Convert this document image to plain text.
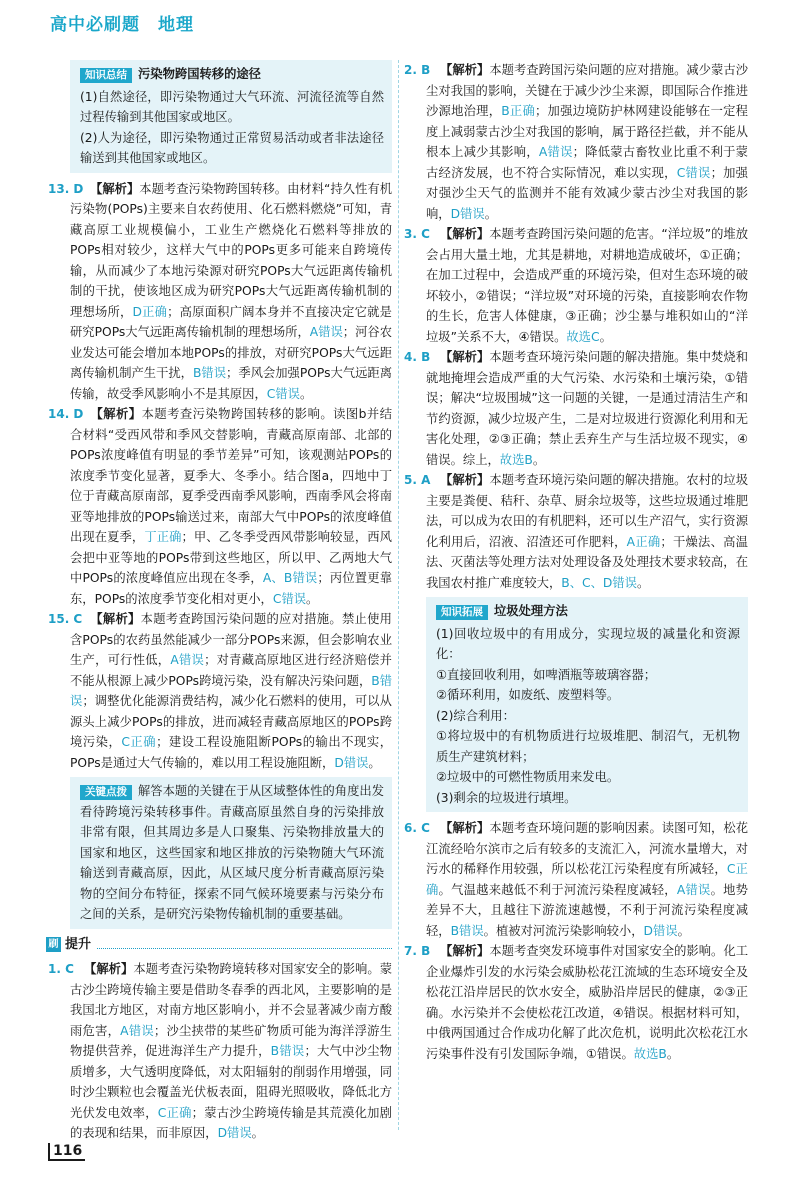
高中必刷题　地理
知识总结 污染物跨国转移的途径

(1)自然途径，即污染物通过大气环流、河流径流等自然过程传输到其他国家或地区。

(2)人为途径，即污染物通过正常贸易活动或者非法途径输送到其他国家或地区。

13. D 【解析】本题考查污染物跨国转移。由材料“持久性有机污染物(POPs)主要来自农药使用、化石燃料燃烧”可知，青藏高原工业规模偏小，工业生产燃烧化石燃料等排放的POPs相对较少，这样大气中的POPs更多可能来自跨境传输，从而减少了本地污染源对研究POPs大气远距离传输机制的干扰，使该地区成为研究POPs大气远距离传输机制的理想场所，D正确；高原面积广阔本身并不直接决定它就是研究POPs大气远距离传输机制的理想场所，A错误；河谷农业发达可能会增加本地POPs的排放，对研究POPs大气远距离传输机制产生干扰，B错误；季风会加强POPs大气远距离传输，故受季风影响小不是其原因，C错误。

14. D 【解析】本题考查污染物跨国转移的影响。读图b并结合材料“受西风带和季风交替影响，青藏高原南部、北部的POPs浓度峰值有明显的季节差异”可知，该观测站POPs的浓度季节变化显著，夏季大、冬季小。结合图a，四地中丁位于青藏高原南部，夏季受西南季风影响，西南季风会将南亚等地排放的POPs输送过来，南部大气中POPs的浓度峰值出现在夏季，丁正确；甲、乙冬季受西风带影响较显，西风会把中亚等地的POPs带到这些地区，所以甲、乙两地大气中POPs的浓度峰值应出现在冬季，A、B错误；丙位置更靠东，POPs的浓度季节变化相对更小，C错误。

15. C 【解析】本题考查跨国污染问题的应对措施。禁止使用含POPs的农药虽然能减少一部分POPs来源，但会影响农业生产，可行性低，A错误；对青藏高原地区进行经济赔偿并不能从根源上减少POPs跨境污染，没有解决污染问题，B错误；调整优化能源消费结构，减少化石燃料的使用，可以从源头上减少POPs的排放，进而减轻青藏高原地区的POPs跨境污染，C正确；建设工程设施阻断POPs的输出不现实，POPs是通过大气传输的，难以用工程设施阻断，D错误。

关键点拨 解答本题的关键在于从区域整体性的角度出发看待跨境污染转移事件。青藏高原虽然自身的污染排放非常有限，但其周边多是人口聚集、污染物排放量大的国家和地区，这些国家和地区排放的污染物随大气环流输送到青藏高原，因此，从区域尺度分析青藏高原污染物的空间分布特征，探索不同气候环境要素与污染分布之间的关系，是研究污染物传输机制的重要基础。
刷 提升

1. C 【解析】本题考查污染物跨境转移对国家安全的影响。蒙古沙尘跨境传输主要是借助冬春季的西北风，主要影响的是我国北方地区，对南方地区影响小，并不会显著减少南方酸雨危害，A错误；沙尘挟带的某些矿物质可能为海洋浮游生物提供营养，促进海洋生产力提升，B错误；大气中沙尘物质增多，大气透明度降低，对太阳辐射的削弱作用增强，同时沙尘颗粒也会覆盖光伏板表面，阻碍光照吸收，降低北方光伏发电效率，C正确；蒙古沙尘跨境传输是其荒漠化加剧的表现和结果，而非原因，D错误。

2. B 【解析】本题考查跨国污染问题的应对措施。减少蒙古沙尘对我国的影响，关键在于减少沙尘来源，即国际合作推进沙源地治理，B正确；加强边境防护林网建设能够在一定程度上减弱蒙古沙尘对我国的影响，属于路径拦截，并不能从根本上减少其影响，A错误；降低蒙古畜牧业比重不利于蒙古经济发展，也不符合实际情况，难以实现，C错误；加强对强沙尘天气的监测并不能有效减少蒙古沙尘对我国的影响，D错误。

3. C 【解析】本题考查跨国污染问题的危害。“洋垃圾”的堆放会占用大量土地，尤其是耕地，对耕地造成破坏，①正确；在加工过程中，会造成严重的环境污染，但对生态环境的破坏较小，②错误；“洋垃圾”对环境的污染，直接影响农作物的生长，危害人体健康，③正确；沙尘暴与堆积如山的“洋垃圾”关系不大，④错误。故选C。

4. B 【解析】本题考查环境污染问题的解决措施。集中焚烧和就地掩埋会造成严重的大气污染、水污染和土壤污染，①错误；解决“垃圾围城”这一问题的关键，一是通过清洁生产和节约资源，减少垃圾产生，二是对垃圾进行资源化利用和无害化处理，②③正确；禁止丢弃生产与生活垃圾不现实，④错误。综上，故选B。

5. A 【解析】本题考查环境污染问题的解决措施。农村的垃圾主要是粪便、秸秆、杂草、厨余垃圾等，这些垃圾通过堆肥法，可以成为农田的有机肥料，还可以生产沼气，实行资源化利用后，沼液、沼渣还可作肥料，A正确；干燥法、高温法、灭菌法等处理方法对处理设备及处理技术要求较高，在我国农村推广难度较大，B、C、D错误。

知识拓展 垃圾处理方法

(1)回收垃圾中的有用成分，实现垃圾的减量化和资源化：

①直接回收利用，如啤酒瓶等玻璃容器；

②循环利用，如废纸、废塑料等。

(2)综合利用：

①将垃圾中的有机物质进行垃圾堆肥、制沼气，无机物质生产建筑材料；

②垃圾中的可燃性物质用来发电。

(3)剩余的垃圾进行填埋。

6. C 【解析】本题考查环境问题的影响因素。读图可知，松花江流经哈尔滨市之后有较多的支流汇入，河流水量增大，对污水的稀释作用较强，所以松花江污染程度有所减轻，C正确。气温越来越低不利于河流污染程度减轻，A错误。地势差异不大，且越往下游流速越慢，不利于河流污染程度减轻，B错误。植被对河流污染影响较小，D错误。

7. B 【解析】本题考查突发环境事件对国家安全的影响。化工企业爆炸引发的水污染会威胁松花江流域的生态环境安全及松花江沿岸居民的饮水安全，威胁沿岸居民的健康，②③正确。水污染并不会使松花江改道，④错误。根据材料可知，中俄两国通过合作成功化解了此次危机，说明此次松花江水污染事件没有引发国际争端，①错误。故选B。

116
